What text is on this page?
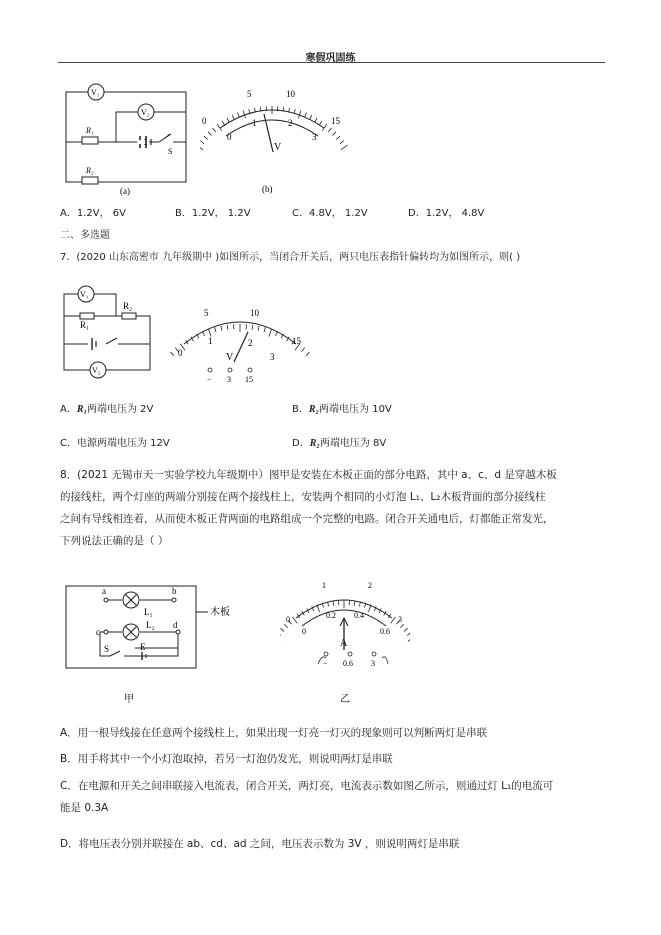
寒假巩固练
V₁
V₂
R₁
R₂
S
(a)
0
5	10
15
0
1	2
3
V
(b)
A．1.2V， 6V	B．1.2V， 1.2V	C．4.8V， 1.2V	D．1.2V， 4.8V
二、多选题
7．(2020 山东高密市 九年级期中 )如图所示，当闭合开关后，两只电压表指针偏转均为如图所示，则( )
V₁
V₂
R₁
R₂
0
5	10
15
1	2
3
V
− 3 15
A．R₁两端电压为 2V	B．R₂两端电压为 10V
C．电源两端电压为 12V	D．R₂两端电压为 8V
8．(2021 无锡市天一实验学校九年级期中）图甲是安装在木板正面的部分电路，其中 a、c、d 是穿越木板
的接线柱，两个灯座的两端分别接在两个接线柱上，安装两个相同的小灯泡 L₁、L₂木板背面的部分接线柱
之间有导线相连着，从而使木板正背两面的电路组成一个完整的电路。闭合开关通电后，灯都能正常发光，
下列说法正确的是（ ）
a	b
c
d
L₁
L₂
S	E
木板
甲
0
1	2
3
0
0.2 0.4
0.6
A
− 0.6 3
乙
A．用一根导线接在任意两个接线柱上，如果出现一灯亮一灯灭的现象则可以判断两灯是串联
B．用手将其中一个小灯泡取掉，若另一灯泡仍发光，则说明两灯是串联
C．在电源和开关之间串联接入电流表，闭合开关，两灯亮，电流表示数如图乙所示，则通过灯 L₁的电流可
能是 0.3A
D．将电压表分别并联接在 ab、cd、ad 之间，电压表示数为 3V ，则说明两灯是串联
